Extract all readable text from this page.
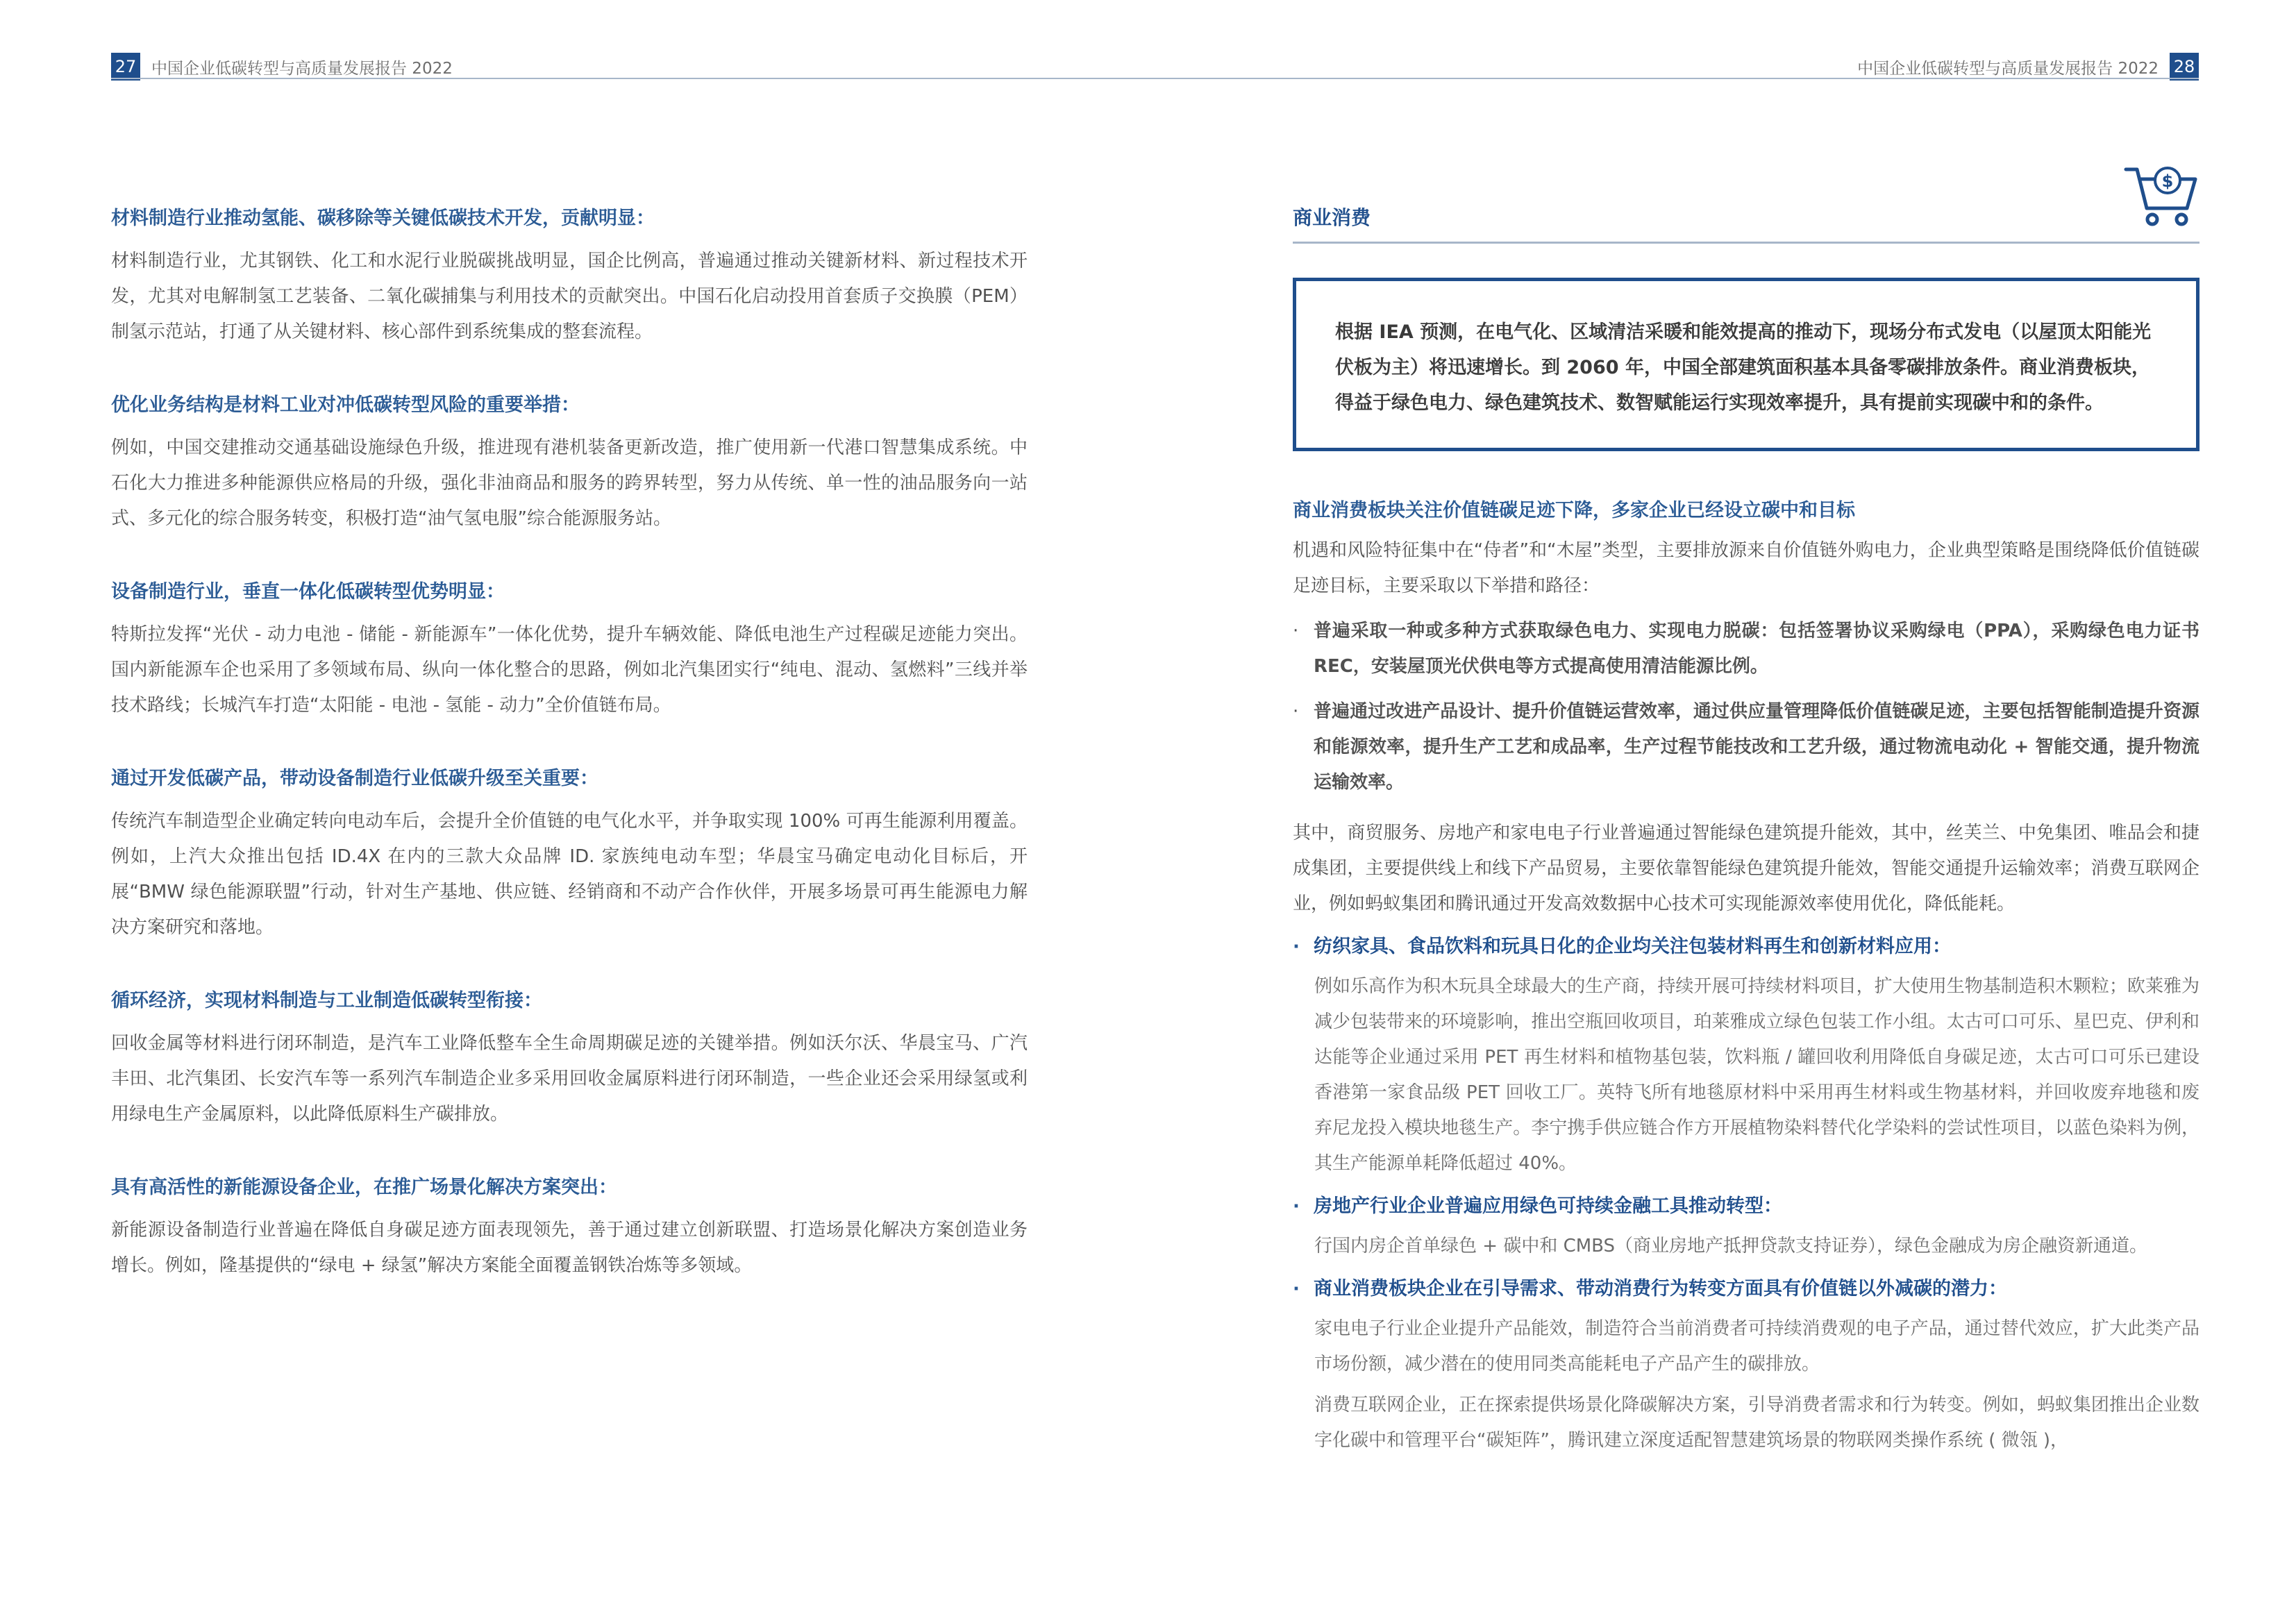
27 中国企业低碳转型与高质量发展报告 2022
材料制造行业推动氢能、碳移除等关键低碳技术开发，贡献明显：

材料制造行业，尤其钢铁、化工和水泥行业脱碳挑战明显，国企比例高，普遍通过推动关键新材料、新过程技术开发，尤其对电解制氢工艺装备、二氧化碳捕集与利用技术的贡献突出。中国石化启动投用首套质子交换膜（PEM）制氢示范站，打通了从关键材料、核心部件到系统集成的整套流程。

优化业务结构是材料工业对冲低碳转型风险的重要举措：

例如，中国交建推动交通基础设施绿色升级，推进现有港机装备更新改造，推广使用新一代港口智慧集成系统。中石化大力推进多种能源供应格局的升级，强化非油商品和服务的跨界转型，努力从传统、单一性的油品服务向一站式、多元化的综合服务转变，积极打造“油气氢电服”综合能源服务站。

设备制造行业，垂直一体化低碳转型优势明显：

特斯拉发挥“光伏 - 动力电池 - 储能 - 新能源车”一体化优势，提升车辆效能、降低电池生产过程碳足迹能力突出。国内新能源车企也采用了多领域布局、纵向一体化整合的思路，例如北汽集团实行“纯电、混动、氢燃料”三线并举技术路线；长城汽车打造“太阳能 - 电池 - 氢能 - 动力”全价值链布局。

通过开发低碳产品，带动设备制造行业低碳升级至关重要：

传统汽车制造型企业确定转向电动车后，会提升全价值链的电气化水平，并争取实现 100% 可再生能源利用覆盖。例如，上汽大众推出包括 ID.4X 在内的三款大众品牌 ID. 家族纯电动车型；华晨宝马确定电动化目标后，开展“BMW 绿色能源联盟”行动，针对生产基地、供应链、经销商和不动产合作伙伴，开展多场景可再生能源电力解决方案研究和落地。

循环经济，实现材料制造与工业制造低碳转型衔接：

回收金属等材料进行闭环制造，是汽车工业降低整车全生命周期碳足迹的关键举措。例如沃尔沃、华晨宝马、广汽丰田、北汽集团、长安汽车等一系列汽车制造企业多采用回收金属原料进行闭环制造，一些企业还会采用绿氢或利用绿电生产金属原料，以此降低原料生产碳排放。

具有高活性的新能源设备企业，在推广场景化解决方案突出：

新能源设备制造行业普遍在降低自身碳足迹方面表现领先，善于通过建立创新联盟、打造场景化解决方案创造业务增长。例如，隆基提供的“绿电 + 绿氢”解决方案能全面覆盖钢铁冶炼等多领域。

中国企业低碳转型与高质量发展报告 2022 28
商业消费
$

根据 IEA 预测，在电气化、区域清洁采暖和能效提高的推动下，现场分布式发电（以屋顶太阳能光伏板为主）将迅速增长。到 2060 年，中国全部建筑面积基本具备零碳排放条件。商业消费板块，得益于绿色电力、绿色建筑技术、数智赋能运行实现效率提升，具有提前实现碳中和的条件。

商业消费板块关注价值链碳足迹下降，多家企业已经设立碳中和目标

机遇和风险特征集中在“侍者”和“木屋”类型，主要排放源来自价值链外购电力，企业典型策略是围绕降低价值链碳足迹目标，主要采取以下举措和路径：

· 普遍采取一种或多种方式获取绿色电力、实现电力脱碳：包括签署协议采购绿电（PPA），采购绿色电力证书 REC，安装屋顶光伏供电等方式提高使用清洁能源比例。
· 普遍通过改进产品设计、提升价值链运营效率，通过供应量管理降低价值链碳足迹，主要包括智能制造提升资源和能源效率，提升生产工艺和成品率，生产过程节能技改和工艺升级，通过物流电动化 + 智能交通，提升物流运输效率。

其中，商贸服务、房地产和家电电子行业普遍通过智能绿色建筑提升能效，其中，丝芙兰、中免集团、唯品会和捷成集团，主要提供线上和线下产品贸易，主要依靠智能绿色建筑提升能效，智能交通提升运输效率；消费互联网企业，例如蚂蚁集团和腾讯通过开发高效数据中心技术可实现能源效率使用优化，降低能耗。

· 纺织家具、食品饮料和玩具日化的企业均关注包装材料再生和创新材料应用：

例如乐高作为积木玩具全球最大的生产商，持续开展可持续材料项目，扩大使用生物基制造积木颗粒；欧莱雅为减少包装带来的环境影响，推出空瓶回收项目，珀莱雅成立绿色包装工作小组。太古可口可乐、星巴克、伊利和达能等企业通过采用 PET 再生材料和植物基包装，饮料瓶 / 罐回收利用降低自身碳足迹，太古可口可乐已建设香港第一家食品级 PET 回收工厂。英特飞所有地毯原材料中采用再生材料或生物基材料，并回收废弃地毯和废弃尼龙投入模块地毯生产。李宁携手供应链合作方开展植物染料替代化学染料的尝试性项目，以蓝色染料为例，其生产能源单耗降低超过 40%。

· 房地产行业企业普遍应用绿色可持续金融工具推动转型：

行国内房企首单绿色 + 碳中和 CMBS（商业房地产抵押贷款支持证券），绿色金融成为房企融资新通道。

· 商业消费板块企业在引导需求、带动消费行为转变方面具有价值链以外减碳的潜力：

家电电子行业企业提升产品能效，制造符合当前消费者可持续消费观的电子产品，通过替代效应，扩大此类产品市场份额，减少潜在的使用同类高能耗电子产品产生的碳排放。

消费互联网企业，正在探索提供场景化降碳解决方案，引导消费者需求和行为转变。例如，蚂蚁集团推出企业数字化碳中和管理平台“碳矩阵”，腾讯建立深度适配智慧建筑场景的物联网类操作系统 ( 微瓴 )，
